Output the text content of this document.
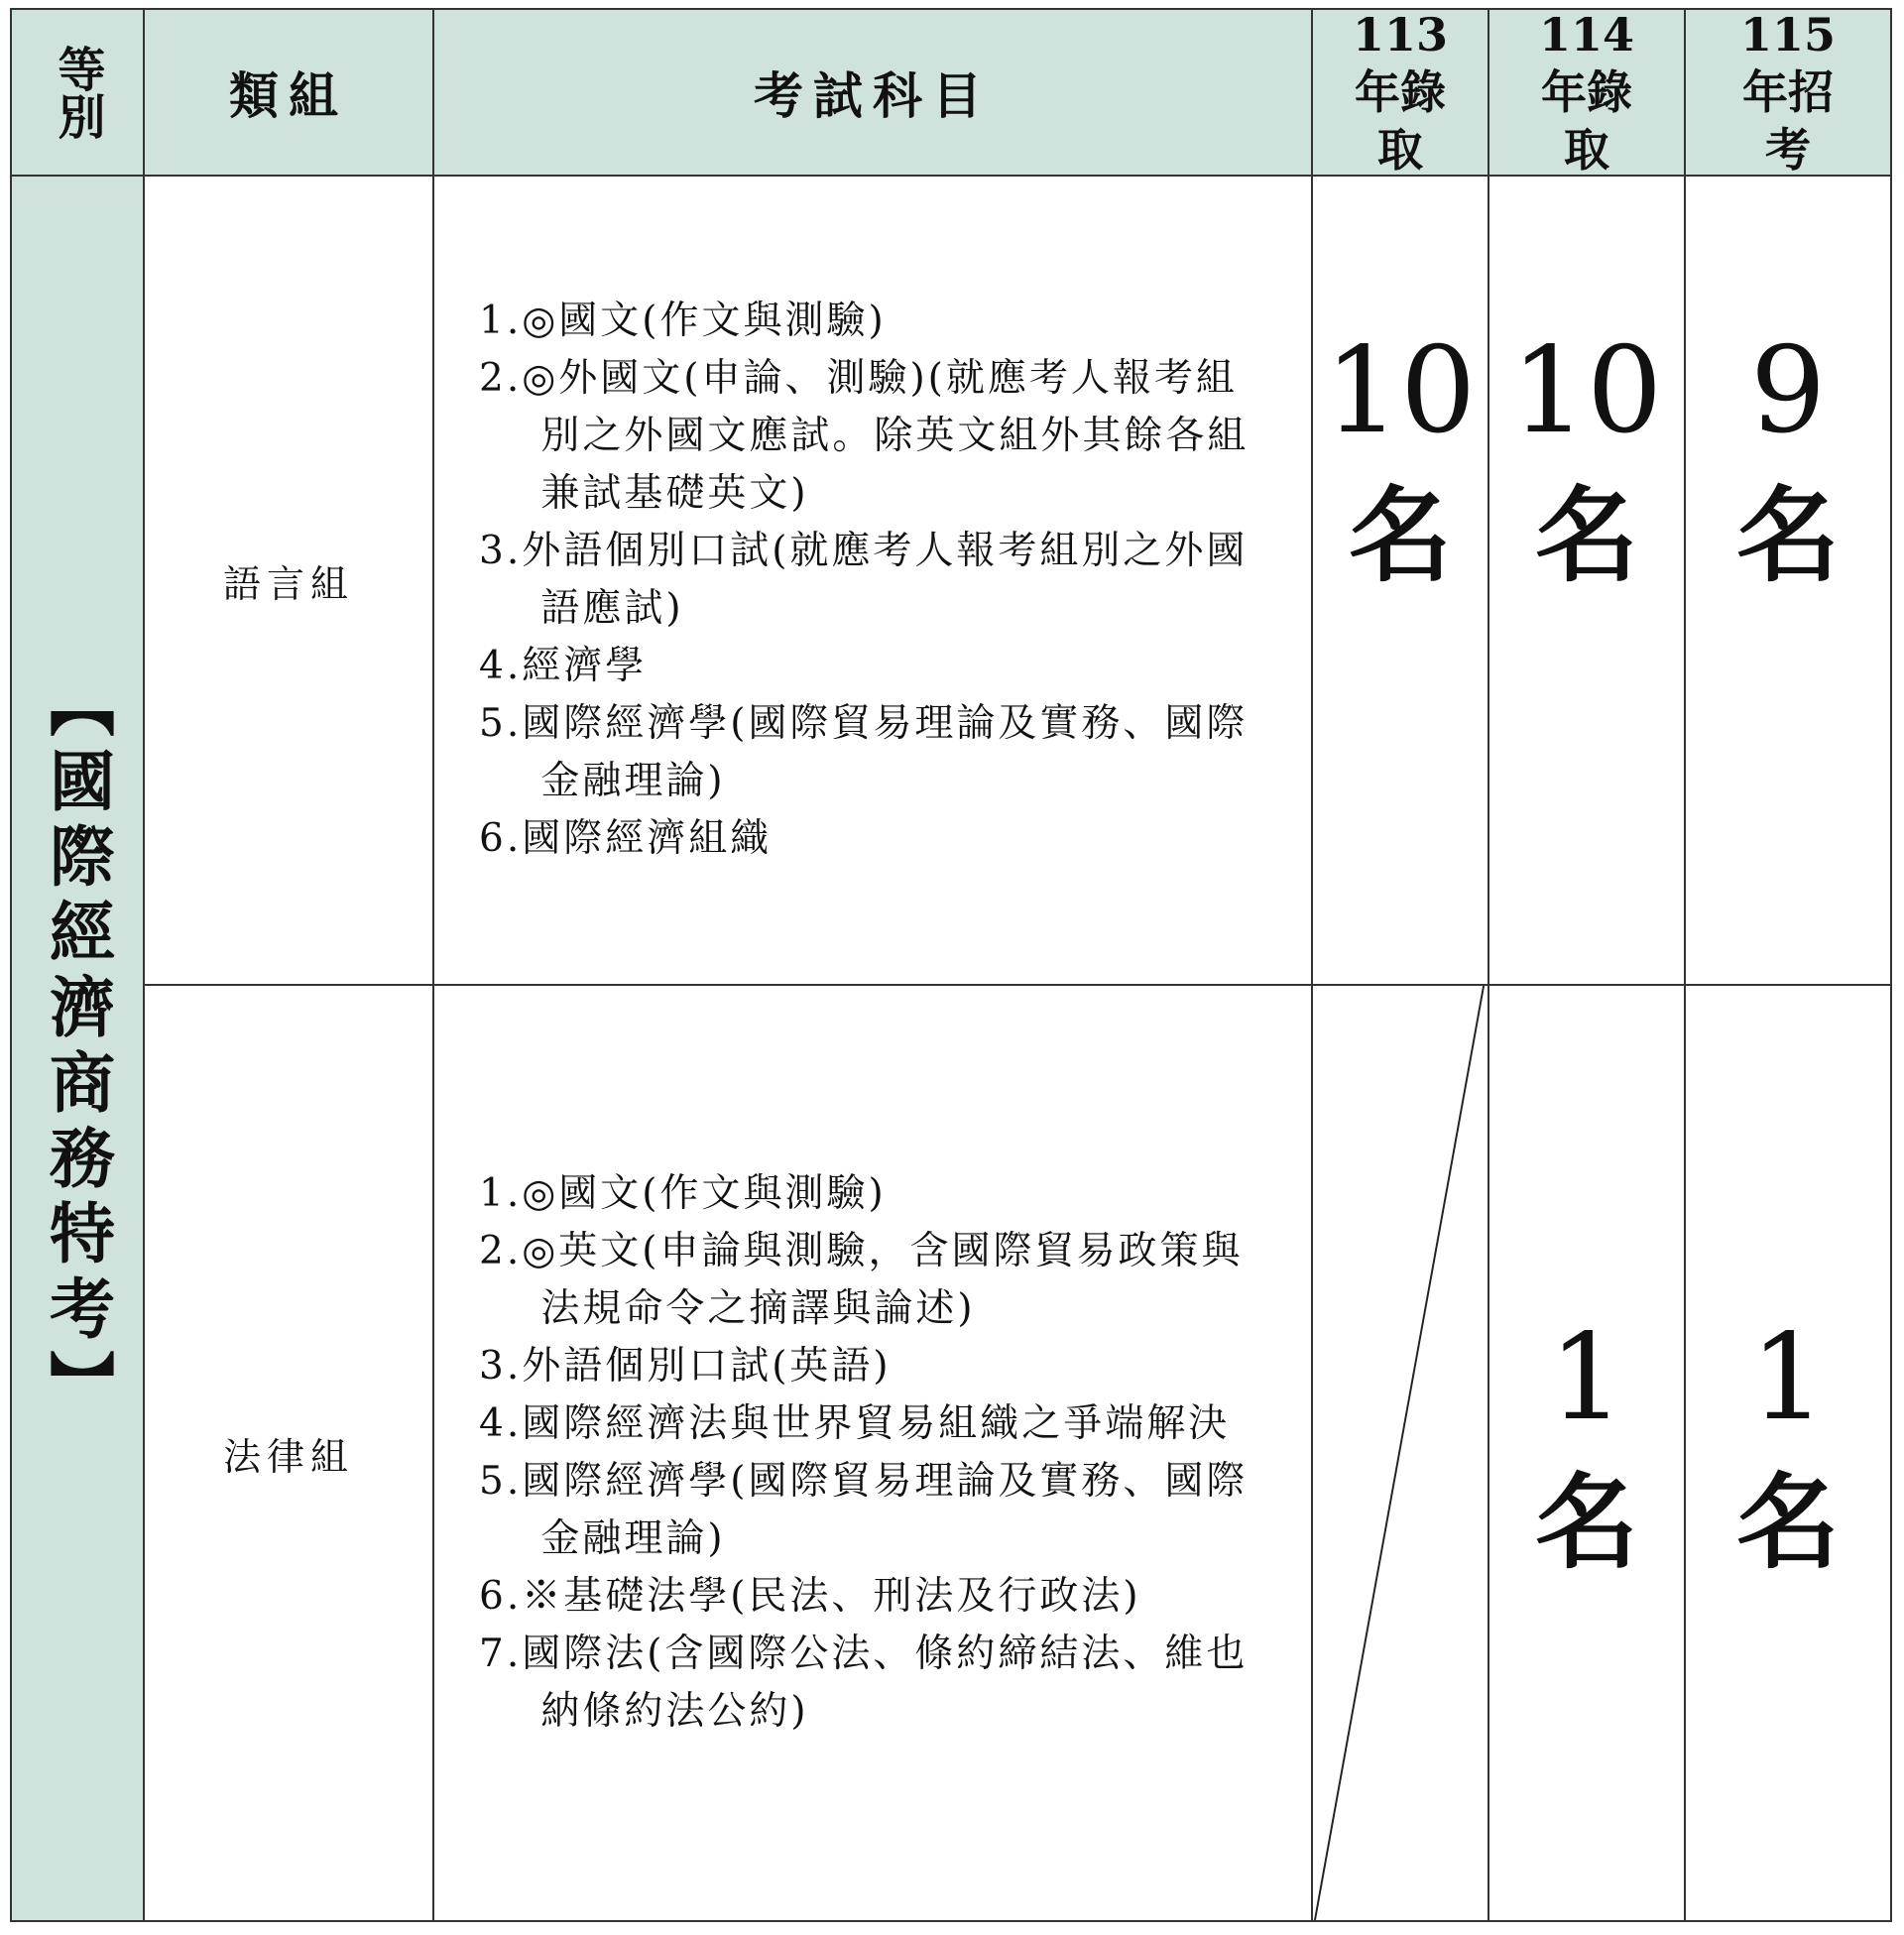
等別	類組	考試科目
113年錄取
114年錄取
115年招考
【國際經濟商務特考】
語言組
1.◎國文(作文與測驗)
2.◎外國文(申論、測驗)(就應考人報考組別之外國文應試。除英文組外其餘各組兼試基礎英文)
3.外語個別口試(就應考人報考組別之外國語應試)
4.經濟學
5.國際經濟學(國際貿易理論及實務、國際金融理論)
6.國際經濟組織
10
名
10
名
9
名
法律組
1.◎國文(作文與測驗)
2.◎英文(申論與測驗，含國際貿易政策與法規命令之摘譯與論述)
3.外語個別口試(英語)
4.國際經濟法與世界貿易組織之爭端解決
5.國際經濟學(國際貿易理論及實務、國際金融理論)
6.※基礎法學(民法、刑法及行政法)
7.國際法(含國際公法、條約締結法、維也納條約法公約)
1
名
1
名
